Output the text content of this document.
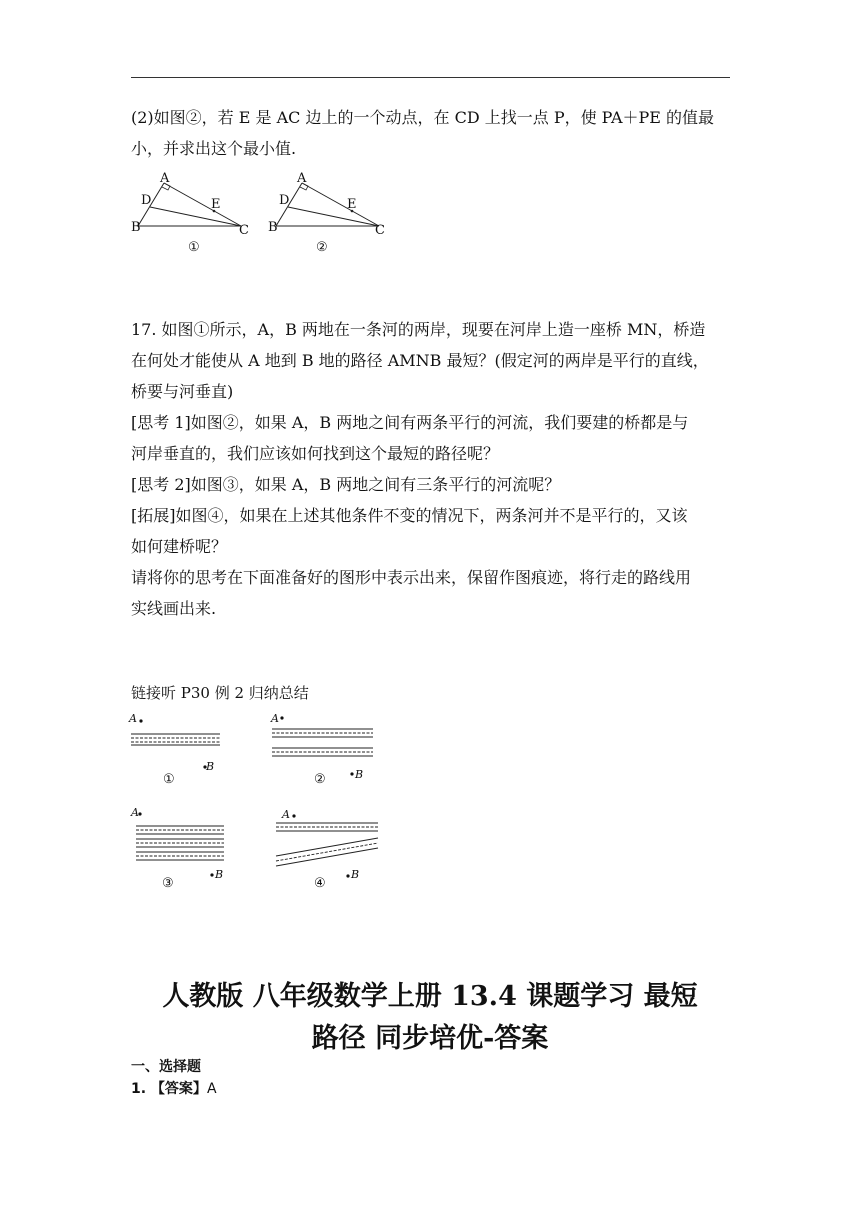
(2)如图②，若 E 是 AC 边上的一个动点，在 CD 上找一点 P，使 PA＋PE 的值最
小，并求出这个最小值.
A
D	E
B	C
①
A
D	E
B	C
②
17. 如图①所示，A，B 两地在一条河的两岸，现要在河岸上造一座桥 MN，桥造
在何处才能使从 A 地到 B 地的路径 AMNB 最短？(假定河的两岸是平行的直线，
桥要与河垂直)
[思考 1]如图②，如果 A，B 两地之间有两条平行的河流，我们要建的桥都是与
河岸垂直的，我们应该如何找到这个最短的路径呢？
[思考 2]如图③，如果 A，B 两地之间有三条平行的河流呢？
[拓展]如图④，如果在上述其他条件不变的情况下，两条河并不是平行的，又该
如何建桥呢？
请将你的思考在下面准备好的图形中表示出来，保留作图痕迹，将行走的路线用
实线画出来.
链接听 P30 例 2 归纳总结
A
B
①
A
B
②
A
B
③
A
B
④
人教版 八年级数学上册 13.4 课题学习 最短
路径 同步培优-答案
一、选择题
1. 【答案】A
